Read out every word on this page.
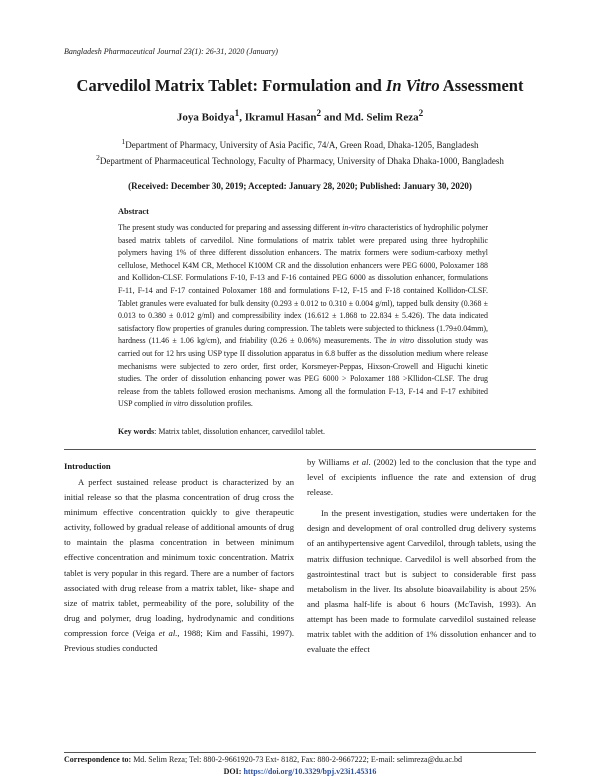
Bangladesh Pharmaceutical Journal 23(1): 26-31, 2020 (January)
Carvedilol Matrix Tablet: Formulation and In Vitro Assessment
Joya Boidya$^1$, Ikramul Hasan$^2$ and Md. Selim Reza$^2$
$^1$Department of Pharmacy, University of Asia Pacific, 74/A, Green Road, Dhaka-1205, Bangladesh
$^2$Department of Pharmaceutical Technology, Faculty of Pharmacy, University of Dhaka Dhaka-1000, Bangladesh
(Received: December 30, 2019; Accepted: January 28, 2020; Published: January 30, 2020)
Abstract
The present study was conducted for preparing and assessing different in-vitro characteristics of hydrophilic polymer based matrix tablets of carvedilol. Nine formulations of matrix tablet were prepared using three hydrophilic polymers having 1% of three different dissolution enhancers. The matrix formers were sodium-carboxy methyl cellulose, Methocel K4M CR, Methocel K100M CR and the dissolution enhancers were PEG 6000, Poloxamer 188 and Kollidon-CLSF. Formulations F-10, F-13 and F-16 contained PEG 6000 as dissolution enhancer, formulations F-11, F-14 and F-17 contained Poloxamer 188 and formulations F-12, F-15 and F-18 contained Kollidon-CLSF. Tablet granules were evaluated for bulk density (0.293 ± 0.012 to 0.310 ± 0.004 g/ml), tapped bulk density (0.368 ± 0.013 to 0.380 ± 0.012 g/ml) and compressibility index (16.612 ± 1.868 to 22.834 ± 5.426). The data indicated satisfactory flow properties of granules during compression. The tablets were subjected to thickness (1.79±0.04mm), hardness (11.46 ± 1.06 kg/cm), and friability (0.26 ± 0.06%) measurements. The in vitro dissolution study was carried out for 12 hrs using USP type II dissolution apparatus in 6.8 buffer as the dissolution medium where release mechanisms were subjected to zero order, first order, Korsmeyer-Peppas, Hixson-Crowell and Higuchi kinetic studies. The order of dissolution enhancing power was PEG 6000 > Poloxamer 188 >Kllidon-CLSF. The drug release from the tablets followed erosion mechanisms. Among all the formulation F-13, F-14 and F-17 exhibited USP complied in vitro dissolution profiles.
Key words: Matrix tablet, dissolution enhancer, carvedilol tablet.
Introduction

A perfect sustained release product is characterized by an initial release so that the plasma concentration of drug cross the minimum effective concentration quickly to give therapeutic activity, followed by gradual release of additional amounts of drug to maintain the plasma concentration in between minimum effective concentration and minimum toxic concentration. Matrix tablet is very popular in this regard. There are a number of factors associated with drug release from a matrix tablet, like- shape and size of matrix tablet, permeability of the pore, solubility of the drug and polymer, drug loading, hydrodynamic and conditions compression force (Veiga et al., 1988; Kim and Fassihi, 1997). Previous studies conducted

by Williams et al. (2002) led to the conclusion that the type and level of excipients influence the rate and extension of drug release.

In the present investigation, studies were undertaken for the design and development of oral controlled drug delivery systems of an antihypertensive agent Carvedilol, through tablets, using the matrix diffusion technique. Carvedilol is well absorbed from the gastrointestinal tract but is subject to considerable first pass metabolism in the liver. Its absolute bioavailability is about 25% and plasma half-life is about 6 hours (McTavish, 1993). An attempt has been made to formulate carvedilol sustained release matrix tablet with the addition of 1% dissolution enhancer and to evaluate the effect

Correspondence to: Md. Selim Reza; Tel: 880-2-9661920-73 Ext- 8182, Fax: 880-2-9667222; E-mail: selimreza@du.ac.bd
DOI: https://doi.org/10.3329/bpj.v23i1.45316
